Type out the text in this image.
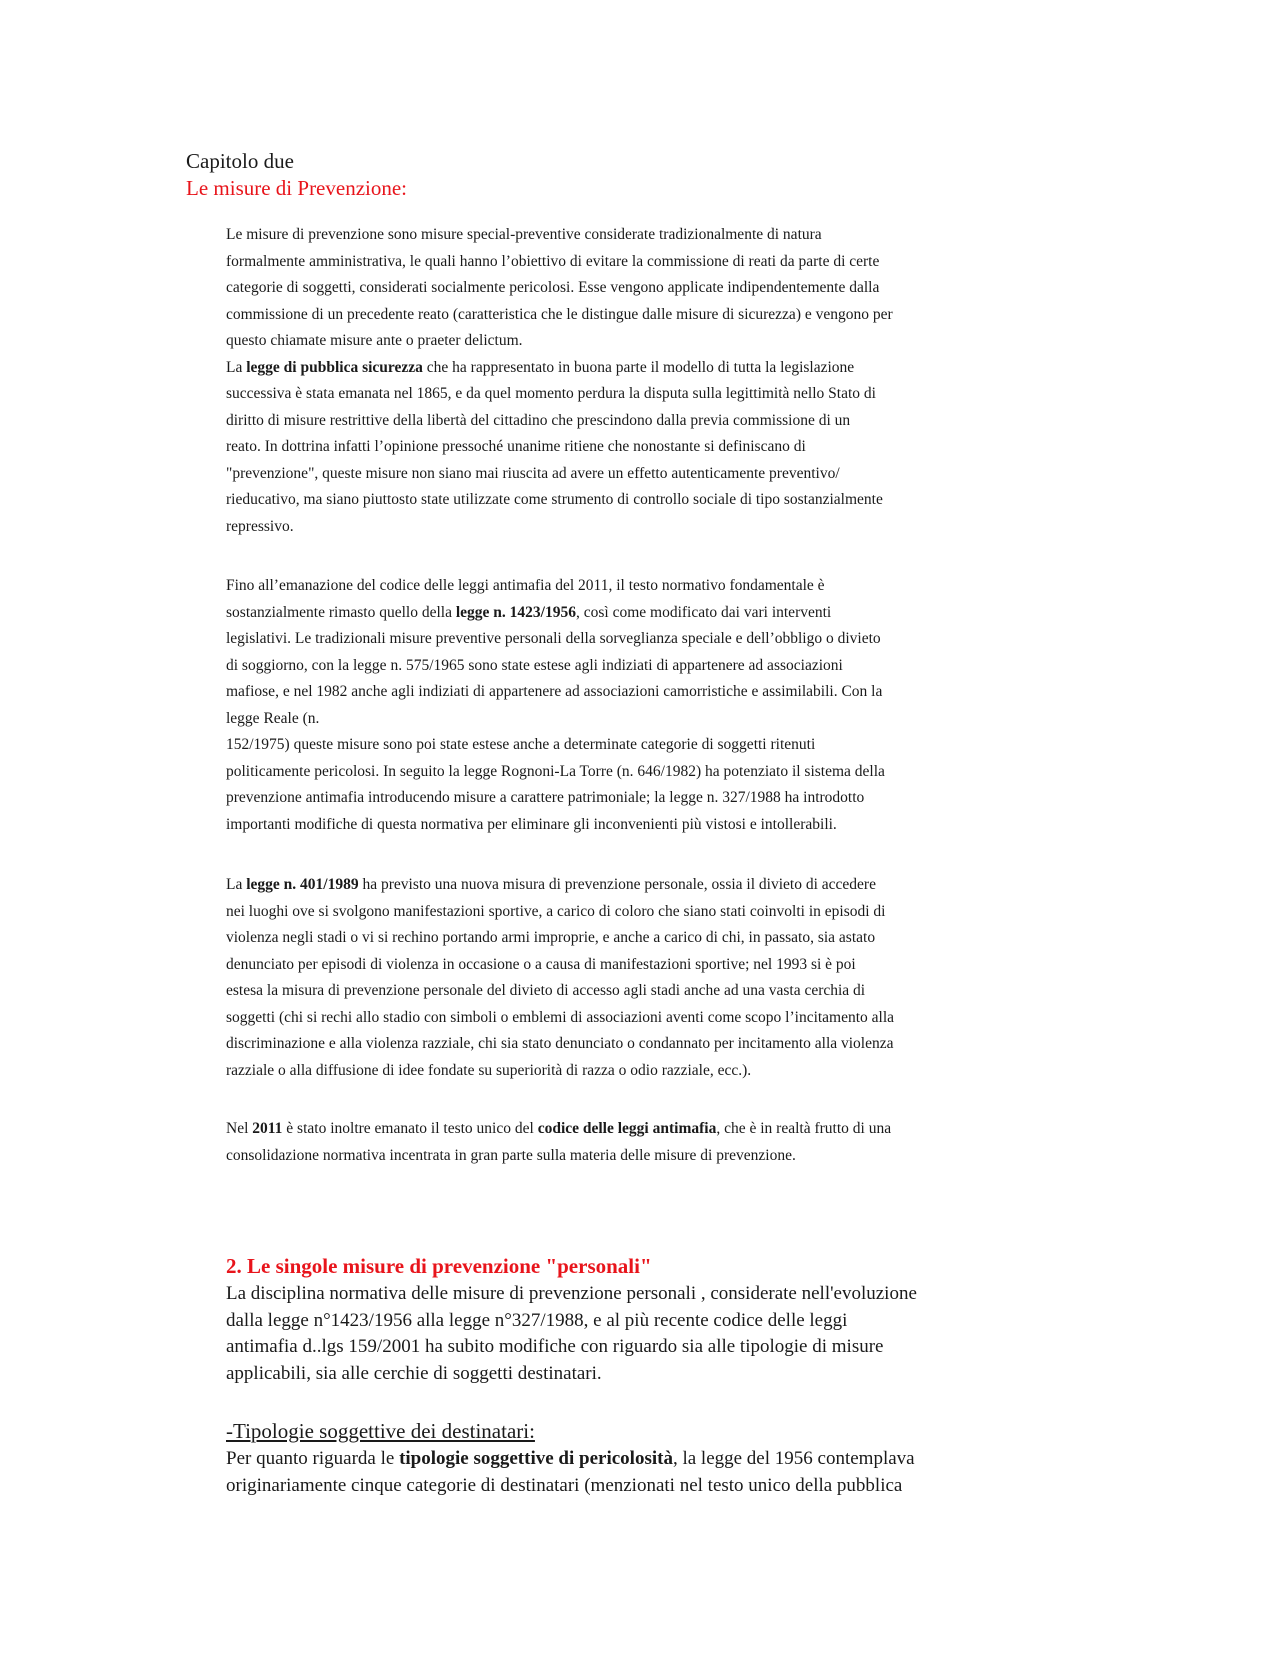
Capitolo due
Le misure di Prevenzione:
Le misure di prevenzione sono misure special-preventive considerate tradizionalmente di natura
formalmente amministrativa, le quali hanno l’obiettivo di evitare la commissione di reati da parte di certe
categorie di soggetti, considerati socialmente pericolosi. Esse vengono applicate indipendentemente dalla
commissione di un precedente reato (caratteristica che le distingue dalle misure di sicurezza) e vengono per
questo chiamate misure ante o praeter delictum.
La legge di pubblica sicurezza che ha rappresentato in buona parte il modello di tutta la legislazione
successiva è stata emanata nel 1865, e da quel momento perdura la disputa sulla legittimità nello Stato di
diritto di misure restrittive della libertà del cittadino che prescindono dalla previa commissione di un
reato. In dottrina infatti l’opinione pressoché unanime ritiene che nonostante si definiscano di
"prevenzione", queste misure non siano mai riuscita ad avere un effetto autenticamente preventivo/
rieducativo, ma siano piuttosto state utilizzate come strumento di controllo sociale di tipo sostanzialmente
repressivo.
Fino all’emanazione del codice delle leggi antimafia del 2011, il testo normativo fondamentale è
sostanzialmente rimasto quello della legge n. 1423/1956, così come modificato dai vari interventi
legislativi. Le tradizionali misure preventive personali della sorveglianza speciale e dell’obbligo o divieto
di soggiorno, con la legge n. 575/1965 sono state estese agli indiziati di appartenere ad associazioni
mafiose, e nel 1982 anche agli indiziati di appartenere ad associazioni camorristiche e assimilabili. Con la
legge Reale (n.
152/1975) queste misure sono poi state estese anche a determinate categorie di soggetti ritenuti
politicamente pericolosi. In seguito la legge Rognoni-La Torre (n. 646/1982) ha potenziato il sistema della
prevenzione antimafia introducendo misure a carattere patrimoniale; la legge n. 327/1988 ha introdotto
importanti modifiche di questa normativa per eliminare gli inconvenienti più vistosi e intollerabili.
La legge n. 401/1989 ha previsto una nuova misura di prevenzione personale, ossia il divieto di accedere
nei luoghi ove si svolgono manifestazioni sportive, a carico di coloro che siano stati coinvolti in episodi di
violenza negli stadi o vi si rechino portando armi improprie, e anche a carico di chi, in passato, sia astato
denunciato per episodi di violenza in occasione o a causa di manifestazioni sportive; nel 1993 si è poi
estesa la misura di prevenzione personale del divieto di accesso agli stadi anche ad una vasta cerchia di
soggetti (chi si rechi allo stadio con simboli o emblemi di associazioni aventi come scopo l’incitamento alla
discriminazione e alla violenza razziale, chi sia stato denunciato o condannato per incitamento alla violenza
razziale o alla diffusione di idee fondate su superiorità di razza o odio razziale, ecc.).
Nel 2011 è stato inoltre emanato il testo unico del codice delle leggi antimafia, che è in realtà frutto di una
consolidazione normativa incentrata in gran parte sulla materia delle misure di prevenzione.
2. Le singole misure di prevenzione "personali"
La disciplina normativa delle misure di prevenzione personali , considerate nell'evoluzione
dalla legge n°1423/1956 alla legge n°327/1988, e al più recente codice delle leggi
antimafia d..lgs 159/2001 ha subito modifiche con riguardo sia alle tipologie di misure
applicabili, sia alle cerchie di soggetti destinatari.
-Tipologie soggettive dei destinatari:
Per quanto riguarda le tipologie soggettive di pericolosità, la legge del 1956 contemplava
originariamente cinque categorie di destinatari (menzionati nel testo unico della pubblica
